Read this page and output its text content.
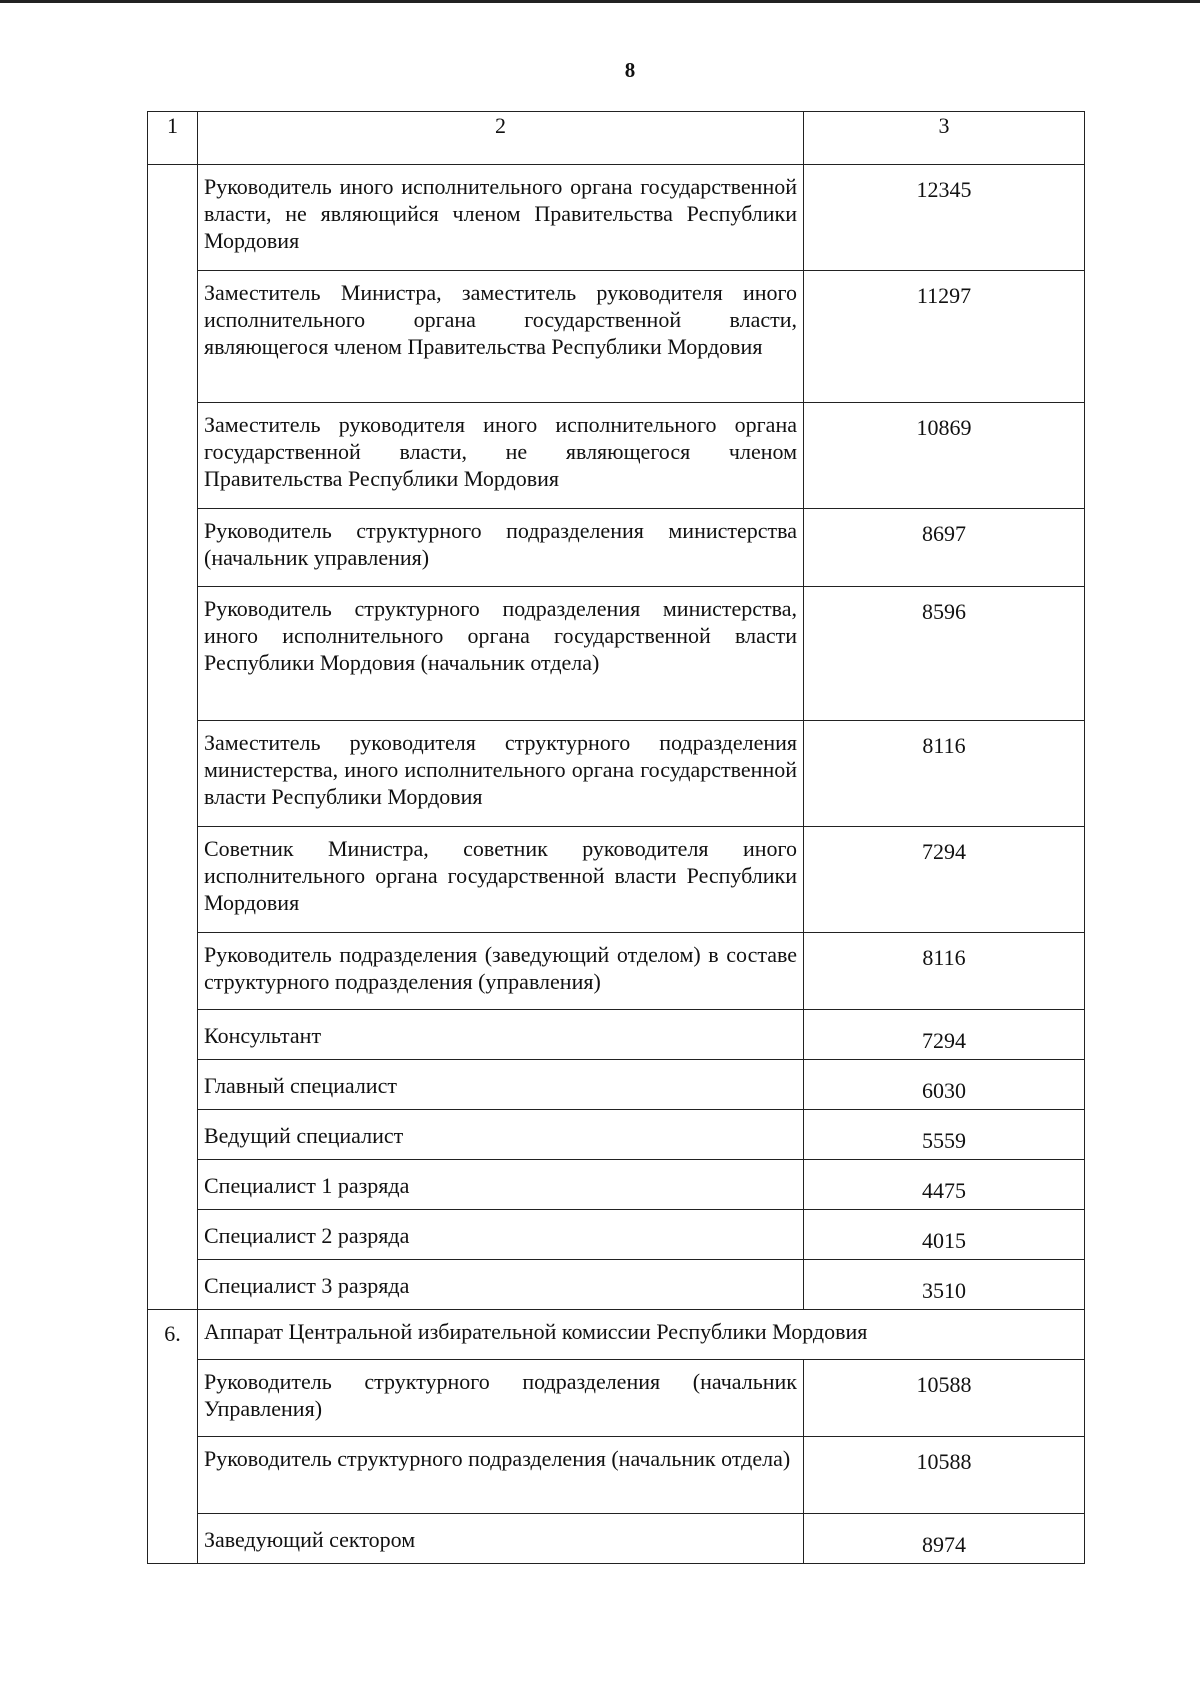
8
1	2	3
	Руководитель иного исполнительного органа государственной власти, не являющийся членом Правительства Республики Мордовия	12345
	Заместитель Министра, заместитель руководителя иного исполнительного органа государственной власти, являющегося членом Правительства Республики Мордовия	11297
	Заместитель руководителя иного исполнительного органа государственной власти, не являющегося членом Правительства Республики Мордовия	10869
	Руководитель структурного подразделения министерства (начальник управления)	8697
	Руководитель структурного подразделения министерства, иного исполнительного органа государственной власти Республики Мордовия (начальник отдела)	8596
	Заместитель руководителя структурного подразделения министерства, иного исполнительного органа государственной власти Республики Мордовия	8116
	Советник Министра, советник руководителя иного исполнительного органа государственной власти Республики Мордовия	7294
	Руководитель подразделения (заведующий отделом) в составе структурного подразделения (управления)	8116
	Консультант	7294
	Главный специалист	6030
	Ведущий специалист	5559
	Специалист 1 разряда	4475
	Специалист 2 разряда	4015
	Специалист 3 разряда	3510
6.	Аппарат Центральной избирательной комиссии Республики Мордовия	
	Руководитель структурного подразделения (начальник Управления)	10588
	Руководитель структурного подразделения (начальник отдела)	10588
	Заведующий сектором	8974
